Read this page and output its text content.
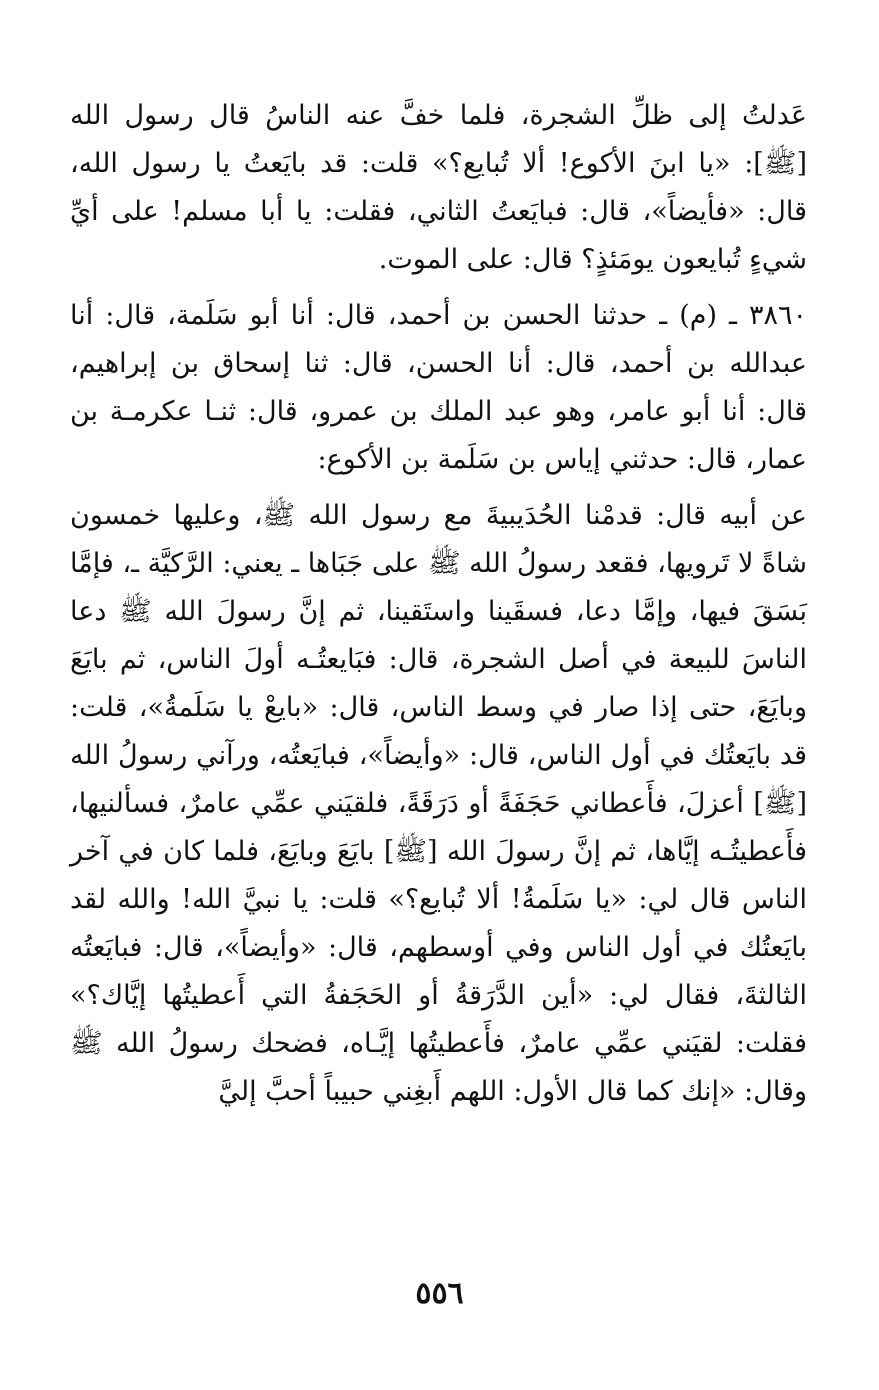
عَدلتُ إلى ظلِّ الشجرة، فلما خفَّ عنه الناسُ قال رسول الله [ﷺ]: «يا ابنَ الأكوع! ألا تُبايع؟» قلت: قد بايَعتُ يا رسول الله، قال: «فأيضاً»، قال: فبايَعتُ الثاني، فقلت: يا أبا مسلم! على أيِّ شيءٍ تُبايعون يومَئذٍ؟ قال: على الموت.

٣٨٦٠ ـ (م) ـ حدثنا الحسن بن أحمد، قال: أنا أبو سَلَمة، قال: أنا عبدالله بن أحمد، قال: أنا الحسن، قال: ثنا إسحاق بن إبراهيم، قال: أنا أبو عامر، وهو عبد الملك بن عمرو، قال: ثنـا عكرمـة بن عمار، قال: حدثني إياس بن سَلَمة بن الأكوع:

عن أبيه قال: قدمْنا الحُدَيبيةَ مع رسول الله ﷺ، وعليها خمسون شاةً لا تَرويها، فقعد رسولُ الله ﷺ على جَبَاها ـ يعني: الرَّكيَّة ـ، فإمَّا بَسَقَ فيها، وإمَّا دعا، فسقَينا واستَقينا، ثم إنَّ رسولَ الله ﷺ دعا الناسَ للبيعة في أصل الشجرة، قال: فبَايعتُـه أولَ الناس، ثم بايَعَ وبايَعَ، حتى إذا صار في وسط الناس، قال: «بايعْ يا سَلَمةُ»، قلت: قد بايَعتُك في أول الناس، قال: «وأيضاً»، فبايَعتُه، ورآني رسولُ الله [ﷺ] أعزلَ، فأَعطاني حَجَفَةً أو دَرَقَةً، فلقيَني عمِّي عامرٌ، فسألنيها، فأَعطيتُـه إيَّاها، ثم إنَّ رسولَ الله [ﷺ] بايَعَ وبايَعَ، فلما كان في آخر الناس قال لي: «يا سَلَمةُ! ألا تُبايع؟» قلت: يا نبيَّ الله! والله لقد بايَعتُك في أول الناس وفي أوسطهم، قال: «وأيضاً»، قال: فبايَعتُه الثالثةَ، فقال لي: «أين الدَّرَقةُ أو الحَجَفةُ التي أَعطيتُها إيَّاك؟» فقلت: لقيَني عمِّي عامرٌ، فأَعطيتُها إيَّـاه، فضحك رسولُ الله ﷺ وقال: «إنك كما قال الأول: اللهم أَبغِني حبيباً أحبَّ إليَّ

٥٥٦
